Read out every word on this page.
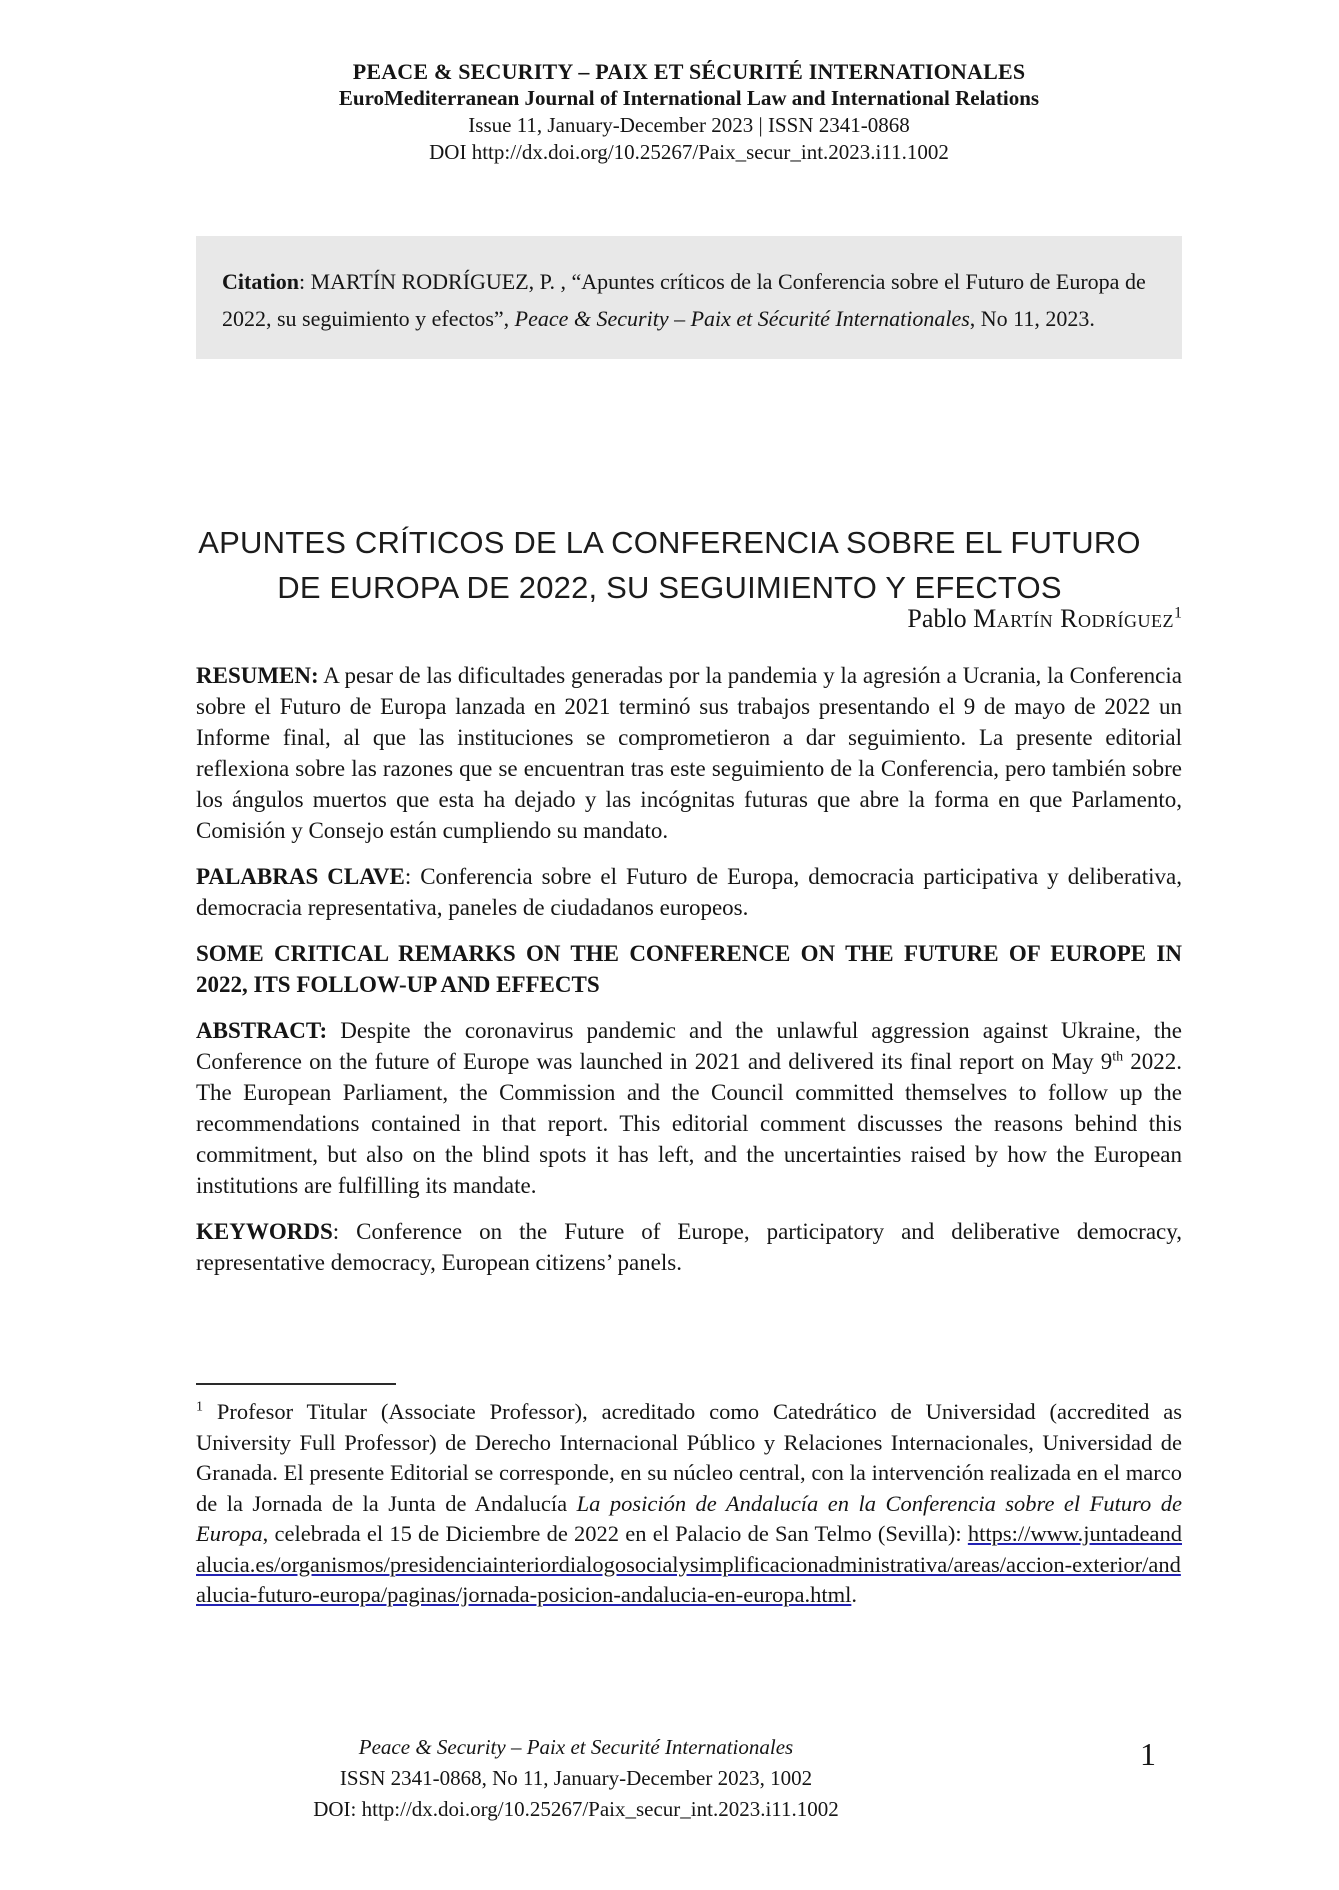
PEACE & SECURITY – PAIX ET SÉCURITÉ INTERNATIONALES
EuroMediterranean Journal of International Law and International Relations
Issue 11, January-December 2023 | ISSN 2341-0868
DOI http://dx.doi.org/10.25267/Paix_secur_int.2023.i11.1002

Citation: MARTÍN RODRÍGUEZ, P. , “Apuntes críticos de la Conferencia sobre el Futuro de Europa de 2022, su seguimiento y efectos”, Peace & Security – Paix et Sécurité Internationales, No 11, 2023.

APUNTES CRÍTICOS DE LA CONFERENCIA SOBRE EL FUTURO
DE EUROPA DE 2022, SU SEGUIMIENTO Y EFECTOS
Pablo Martín Rodríguez$^1$

RESUMEN: A pesar de las dificultades generadas por la pandemia y la agresión a Ucrania, la Conferencia sobre el Futuro de Europa lanzada en 2021 terminó sus trabajos presentando el 9 de mayo de 2022 un Informe final, al que las instituciones se comprometieron a dar seguimiento. La presente editorial reflexiona sobre las razones que se encuentran tras este seguimiento de la Conferencia, pero también sobre los ángulos muertos que esta ha dejado y las incógnitas futuras que abre la forma en que Parlamento, Comisión y Consejo están cumpliendo su mandato.

PALABRAS CLAVE: Conferencia sobre el Futuro de Europa, democracia participativa y deliberativa, democracia representativa, paneles de ciudadanos europeos.

SOME CRITICAL REMARKS ON THE CONFERENCE ON THE FUTURE OF EUROPE IN 2022, ITS FOLLOW-UP AND EFFECTS

ABSTRACT: Despite the coronavirus pandemic and the unlawful aggression against Ukraine, the Conference on the future of Europe was launched in 2021 and delivered its final report on May 9th 2022. The European Parliament, the Commission and the Council committed themselves to follow up the recommendations contained in that report. This editorial comment discusses the reasons behind this commitment, but also on the blind spots it has left, and the uncertainties raised by how the European institutions are fulfilling its mandate.

KEYWORDS: Conference on the Future of Europe, participatory and deliberative democracy, representative democracy, European citizens’ panels.

$^1$ Profesor Titular (Associate Professor), acreditado como Catedrático de Universidad (accredited as University Full Professor) de Derecho Internacional Público y Relaciones Internacionales, Universidad de Granada. El presente Editorial se corresponde, en su núcleo central, con la intervención realizada en el marco de la Jornada de la Junta de Andalucía La posición de Andalucía en la Conferencia sobre el Futuro de Europa, celebrada el 15 de Diciembre de 2022 en el Palacio de San Telmo (Sevilla): https://www.juntadeandalucia.es/organismos/presidenciainteriordialogosocialysimplificacionadministrativa/areas/accion-exterior/andalucia-futuro-europa/paginas/jornada-posicion-andalucia-en-europa.html.

Peace & Security – Paix et Securité Internationales
ISSN 2341-0868, No 11, January-December 2023, 1002
DOI: http://dx.doi.org/10.25267/Paix_secur_int.2023.i11.1002
1
